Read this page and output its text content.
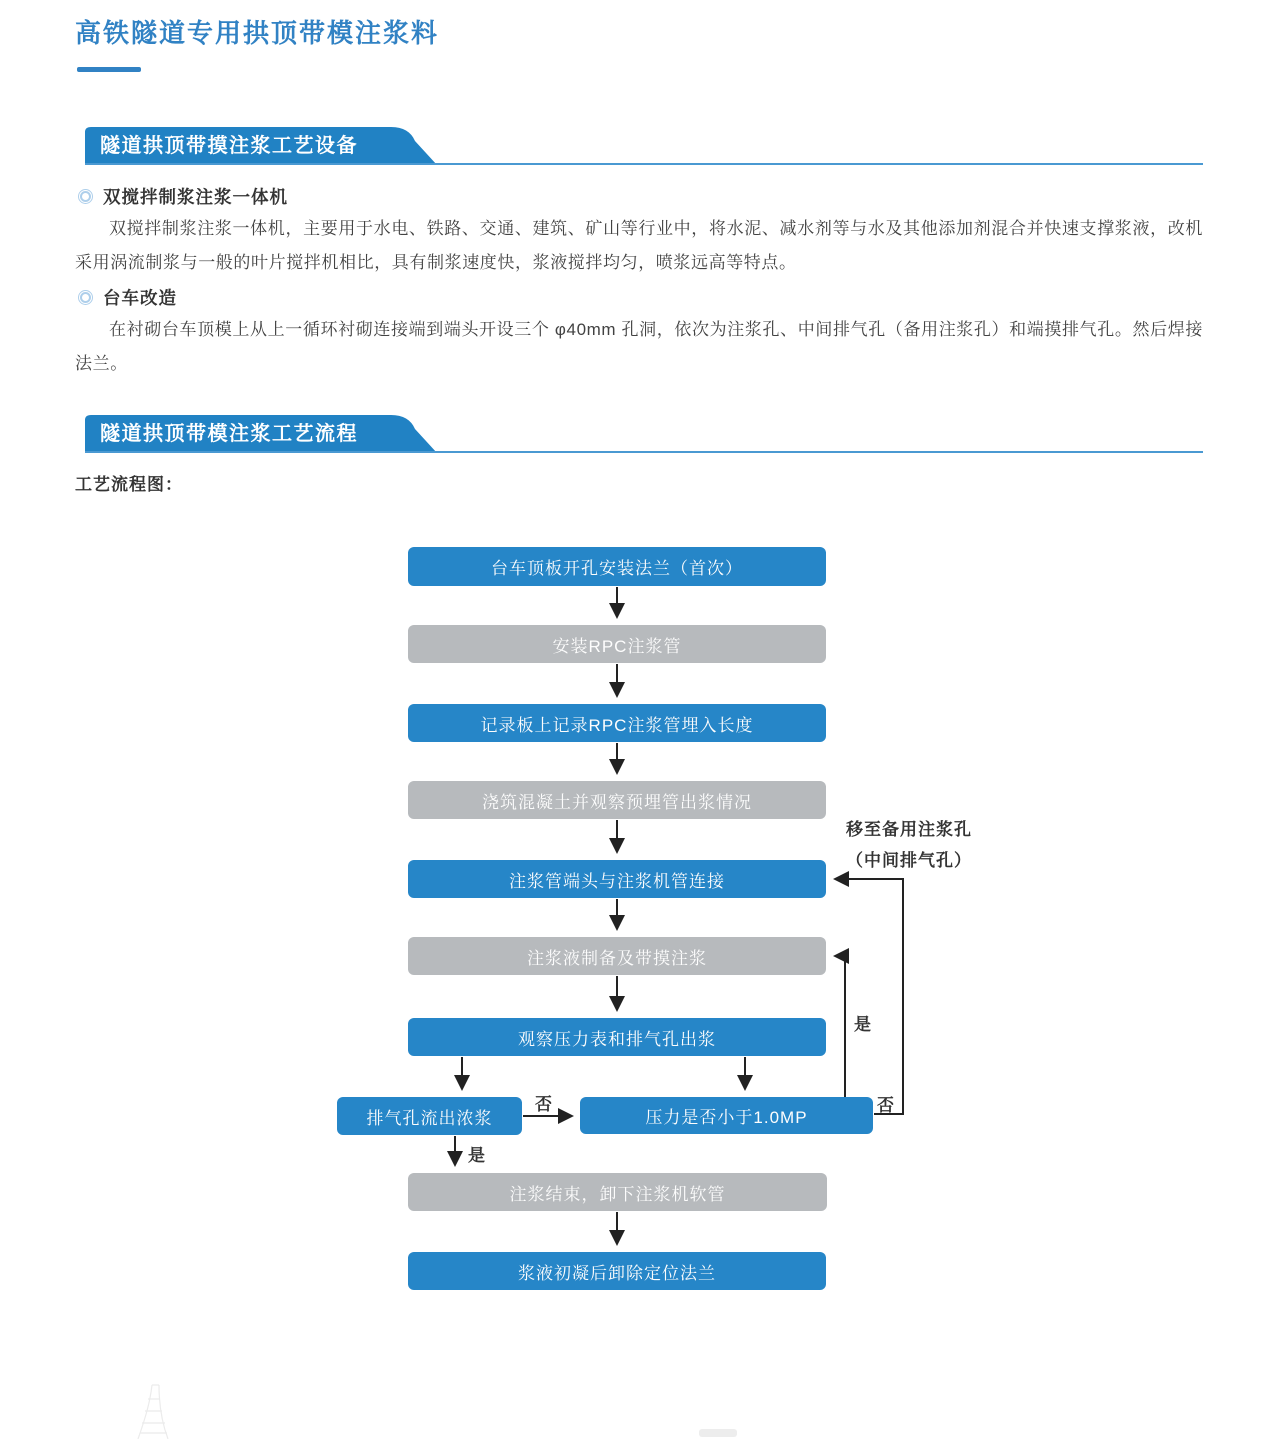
高铁隧道专用拱顶带模注浆料
隧道拱顶带摸注浆工艺设备
双搅拌制浆注浆一体机
双搅拌制浆注浆一体机，主要用于水电、铁路、交通、建筑、矿山等行业中，将水泥、减水剂等与水及其他添加剂混合并快速支撑浆液，改机采用涡流制浆与一般的叶片搅拌机相比，具有制浆速度快，浆液搅拌均匀，喷浆远高等特点。
台车改造
在衬砌台车顶模上从上一循环衬砌连接端到端头开设三个 φ40mm 孔洞，依次为注浆孔、中间排气孔（备用注浆孔）和端摸排气孔。然后焊接法兰。
隧道拱顶带模注浆工艺流程
工艺流程图：
台车顶板开孔安装法兰（首次）
安装RPC注浆管
记录板上记录RPC注浆管埋入长度
浇筑混凝土并观察预埋管出浆情况
注浆管端头与注浆机管连接
注浆液制备及带摸注浆
观察压力表和排气孔出浆
排气孔流出浓浆	压力是否小于1.0MP
注浆结束，卸下注浆机软管
浆液初凝后卸除定位法兰
否
是
是
否
移至备用注浆孔
（中间排气孔）
